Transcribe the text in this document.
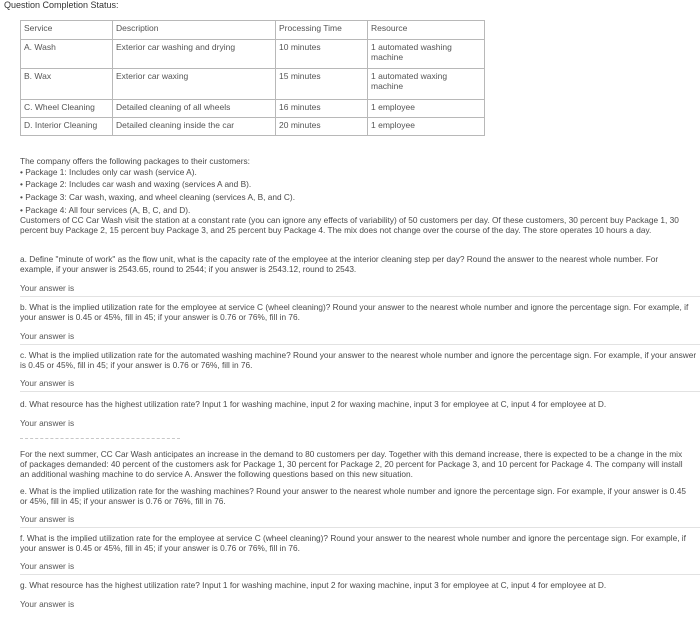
Question Completion Status:
Service	Description	Processing Time	Resource
A. Wash	Exterior car washing and drying	10 minutes	1 automated washing machine
B. Wax	Exterior car waxing	15 minutes	1 automated waxing machine
C. Wheel Cleaning	Detailed cleaning of all wheels	16 minutes	1 employee
D. Interior Cleaning	Detailed cleaning inside the car	20 minutes	1 employee
The company offers the following packages to their customers:
• Package 1: Includes only car wash (service A).
• Package 2: Includes car wash and waxing (services A and B).
• Package 3: Car wash, waxing, and wheel cleaning (services A, B, and C).
• Package 4: All four services (A, B, C, and D).
Customers of CC Car Wash visit the station at a constant rate (you can ignore any effects of variability) of 50 customers per day. Of these customers, 30 percent buy Package 1, 30 percent buy Package 2, 15 percent buy Package 3, and 25 percent buy Package 4. The mix does not change over the course of the day. The store operates 10 hours a day.
a. Define "minute of work" as the flow unit, what is the capacity rate of the employee at the interior cleaning step per day? Round the answer to the nearest whole number. For example, if your answer is 2543.65, round to 2544; if you answer is 2543.12, round to 2543.
Your answer is
b. What is the implied utilization rate for the employee at service C (wheel cleaning)? Round your answer to the nearest whole number and ignore the percentage sign. For example, if your answer is 0.45 or 45%, fill in 45; if your answer is 0.76 or 76%, fill in 76.
Your answer is
c. What is the implied utilization rate for the automated washing machine? Round your answer to the nearest whole number and ignore the percentage sign. For example, if your answer is 0.45 or 45%, fill in 45; if your answer is 0.76 or 76%, fill in 76.
Your answer is
d. What resource has the highest utilization rate? Input 1 for washing machine, input 2 for waxing machine, input 3 for employee at C, input 4 for employee at D.
Your answer is
For the next summer, CC Car Wash anticipates an increase in the demand to 80 customers per day. Together with this demand increase, there is expected to be a change in the mix of packages demanded: 40 percent of the customers ask for Package 1, 30 percent for Package 2, 20 percent for Package 3, and 10 percent for Package 4. The company will install an additional washing machine to do service A. Answer the following questions based on this new situation.
e. What is the implied utilization rate for the washing machines? Round your answer to the nearest whole number and ignore the percentage sign. For example, if your answer is 0.45 or 45%, fill in 45; if your answer is 0.76 or 76%, fill in 76.
Your answer is
f. What is the implied utilization rate for the employee at service C (wheel cleaning)? Round your answer to the nearest whole number and ignore the percentage sign. For example, if your answer is 0.45 or 45%, fill in 45; if your answer is 0.76 or 76%, fill in 76.
Your answer is
g. What resource has the highest utilization rate? Input 1 for washing machine, input 2 for waxing machine, input 3 for employee at C, input 4 for employee at D.
Your answer is
